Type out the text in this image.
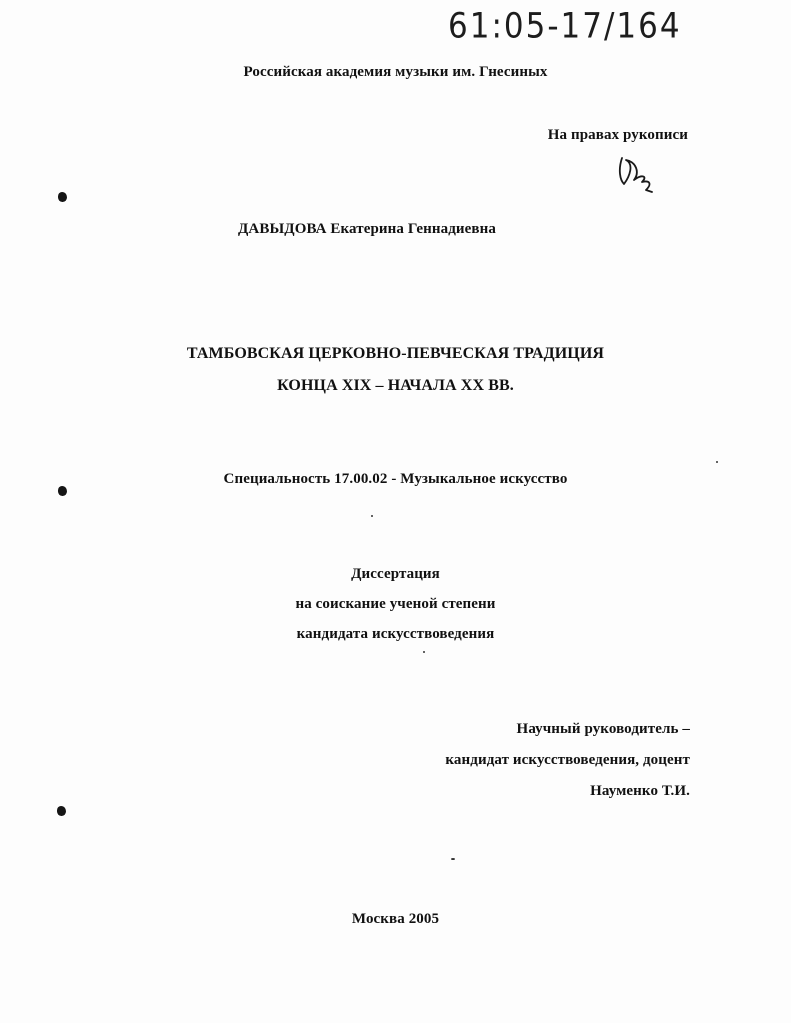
61:05-17/164
Российская академия музыки им. Гнесиных
На правах рукописи
ДАВЫДОВА Екатерина Геннадиевна
ТАМБОВСКАЯ ЦЕРКОВНО-ПЕВЧЕСКАЯ ТРАДИЦИЯ
КОНЦА XIX – НАЧАЛА XX ВВ.
Специальность 17.00.02 - Музыкальное искусство
Диссертация
на соискание ученой степени
кандидата искусствоведения
Научный руководитель –
кандидат искусствоведения, доцент
Науменко Т.И.
Москва 2005
